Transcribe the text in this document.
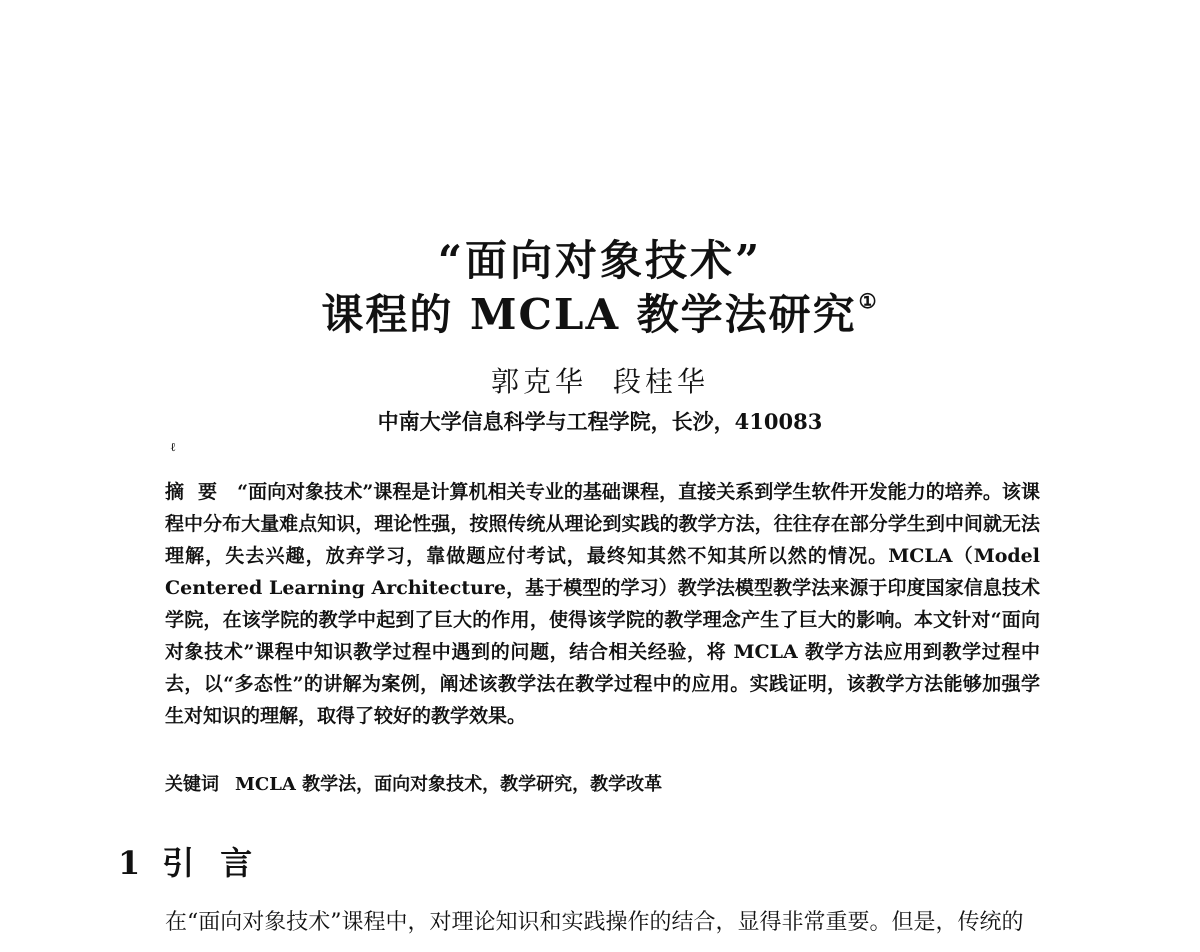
“面向对象技术”
课程的 MCLA 教学法研究 ①
郭克华 段桂华
中南大学信息科学与工程学院，长沙，410083
ℓ
摘要 “面向对象技术”课程是计算机相关专业的基础课程，直接关系到学生软件开发能力的培养。该课程中分布大量难点知识，理论性强，按照传统从理论到实践的教学方法，往往存在部分学生到中间就无法理解，失去兴趣，放弃学习，靠做题应付考试，最终知其然不知其所以然的情况。MCLA（Model Centered Learning Architecture，基于模型的学习）教学法模型教学法来源于印度国家信息技术学院，在该学院的教学中起到了巨大的作用，使得该学院的教学理念产生了巨大的影响。本文针对“面向对象技术”课程中知识教学过程中遇到的问题，结合相关经验，将 MCLA 教学方法应用到教学过程中去，以“多态性”的讲解为案例，阐述该教学法在教学过程中的应用。实践证明，该教学方法能够加强学生对知识的理解，取得了较好的教学效果。
关键词 MCLA 教学法，面向对象技术，教学研究，教学改革
1 引言
在“面向对象技术”课程中，对理论知识和实践操作的结合，显得非常重要。但是，传统的
